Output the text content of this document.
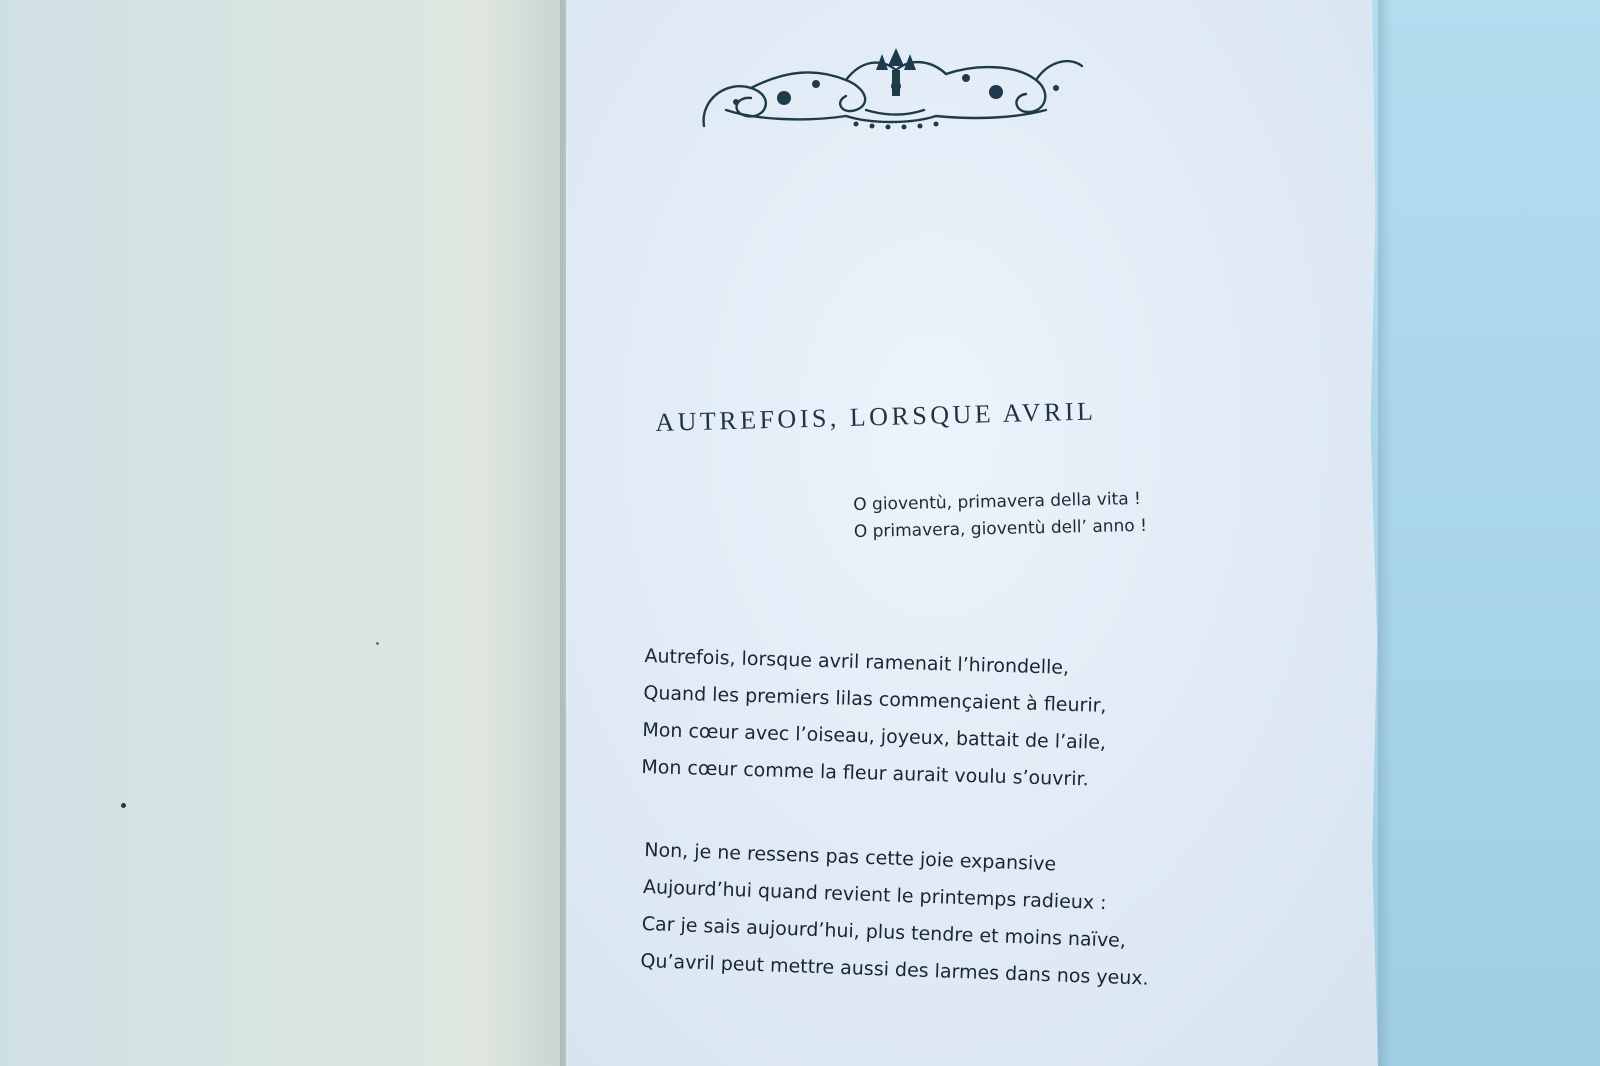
AUTREFOIS, LORSQUE AVRIL
O gioventù, primavera della vita !
O primavera, gioventù dell’ anno !
Autrefois, lorsque avril ramenait l’hirondelle,
Quand les premiers lilas commençaient à fleurir,
Mon cœur avec l’oiseau, joyeux, battait de l’aile,
Mon cœur comme la fleur aurait voulu s’ouvrir.
Non, je ne ressens pas cette joie expansive
Aujourd’hui quand revient le printemps radieux :
Car je sais aujourd’hui, plus tendre et moins naïve,
Qu’avril peut mettre aussi des larmes dans nos yeux.
